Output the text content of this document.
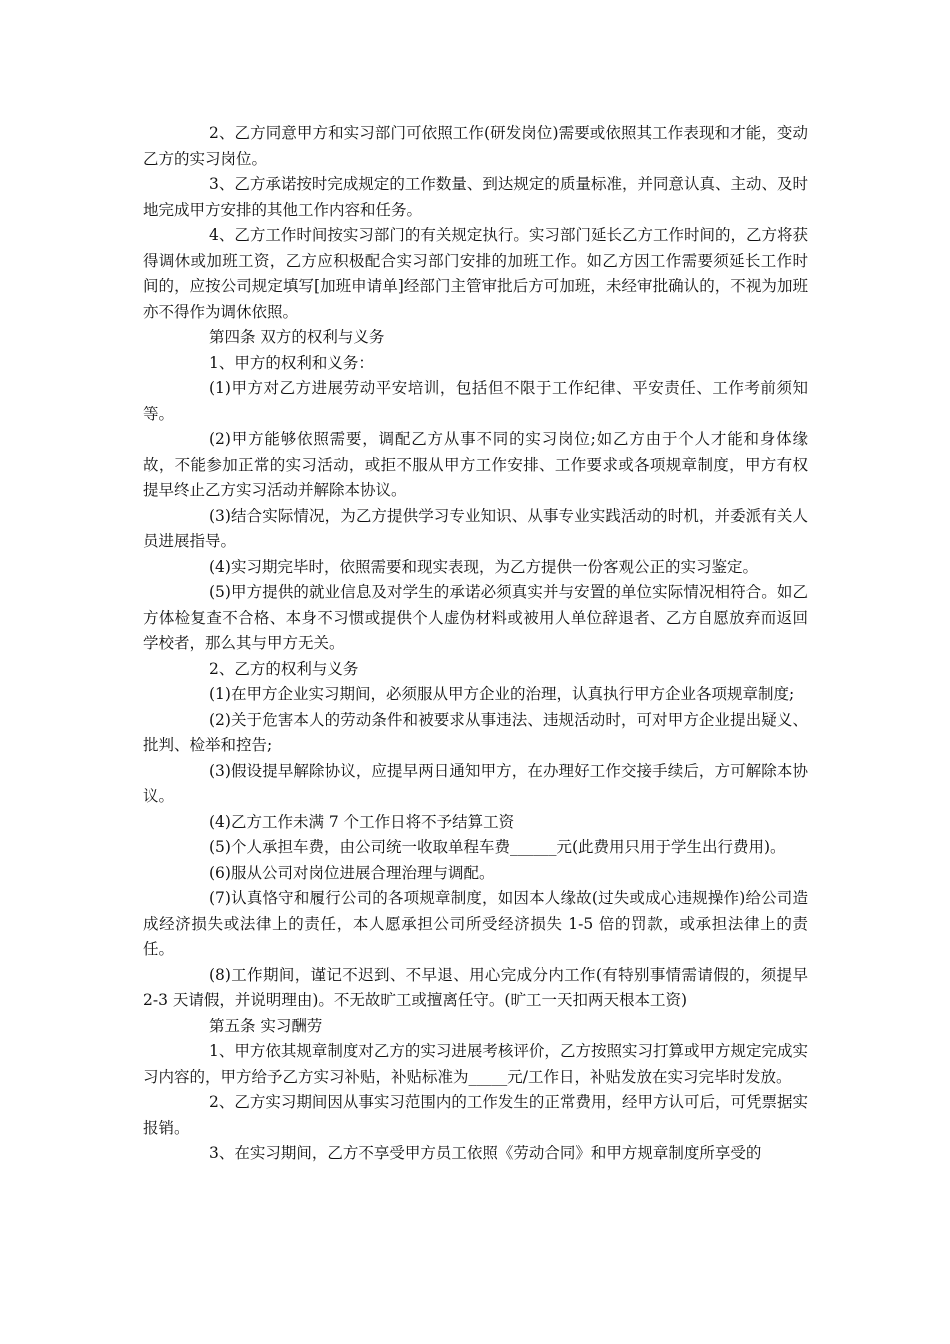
2、乙方同意甲方和实习部门可依照工作(研发岗位)需要或依照其工作表现和才能，变动乙方的实习岗位。

3、乙方承诺按时完成规定的工作数量、到达规定的质量标准，并同意认真、主动、及时地完成甲方安排的其他工作内容和任务。

4、乙方工作时间按实习部门的有关规定执行。实习部门延长乙方工作时间的，乙方将获得调休或加班工资，乙方应积极配合实习部门安排的加班工作。如乙方因工作需要须延长工作时间的，应按公司规定填写[加班申请单]经部门主管审批后方可加班，未经审批确认的，不视为加班亦不得作为调休依照。

第四条 双方的权利与义务

1、甲方的权利和义务：

(1)甲方对乙方进展劳动平安培训，包括但不限于工作纪律、平安责任、工作考前须知等。

(2)甲方能够依照需要，调配乙方从事不同的实习岗位;如乙方由于个人才能和身体缘故，不能参加正常的实习活动，或拒不服从甲方工作安排、工作要求或各项规章制度，甲方有权提早终止乙方实习活动并解除本协议。

(3)结合实际情况，为乙方提供学习专业知识、从事专业实践活动的时机，并委派有关人员进展指导。

(4)实习期完毕时，依照需要和现实表现，为乙方提供一份客观公正的实习鉴定。

(5)甲方提供的就业信息及对学生的承诺必须真实并与安置的单位实际情况相符合。如乙方体检复查不合格、本身不习惯或提供个人虚伪材料或被用人单位辞退者、乙方自愿放弃而返回学校者，那么其与甲方无关。

2、乙方的权利与义务

(1)在甲方企业实习期间，必须服从甲方企业的治理，认真执行甲方企业各项规章制度;

(2)关于危害本人的劳动条件和被要求从事违法、违规活动时，可对甲方企业提出疑义、批判、检举和控告;

(3)假设提早解除协议，应提早两日通知甲方，在办理好工作交接手续后，方可解除本协议。

(4)乙方工作未满 7 个工作日将不予结算工资

(5)个人承担车费，由公司统一收取单程车费______元(此费用只用于学生出行费用)。

(6)服从公司对岗位进展合理治理与调配。

(7)认真恪守和履行公司的各项规章制度，如因本人缘故(过失或成心违规操作)给公司造成经济损失或法律上的责任，本人愿承担公司所受经济损失 1-5 倍的罚款，或承担法律上的责任。

(8)工作期间，谨记不迟到、不早退、用心完成分内工作(有特别事情需请假的，须提早 2-3 天请假，并说明理由)。不无故旷工或擅离任守。(旷工一天扣两天根本工资)

第五条 实习酬劳

1、甲方依其规章制度对乙方的实习进展考核评价，乙方按照实习打算或甲方规定完成实习内容的，甲方给予乙方实习补贴，补贴标准为_____元/工作日，补贴发放在实习完毕时发放。

2、乙方实习期间因从事实习范围内的工作发生的正常费用，经甲方认可后，可凭票据实报销。

3、在实习期间，乙方不享受甲方员工依照《劳动合同》和甲方规章制度所享受的
